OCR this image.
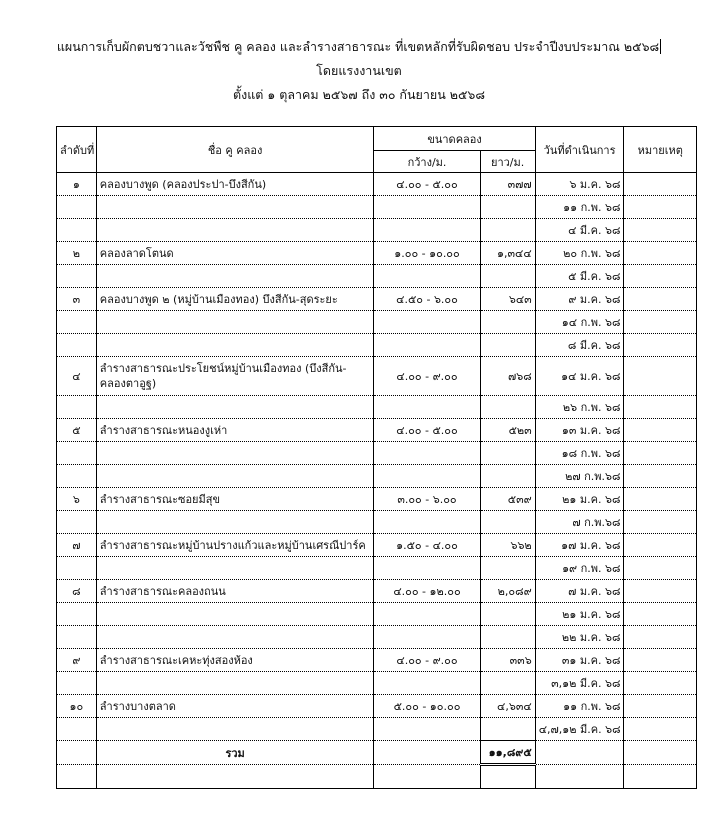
แผนการเก็บผักตบชวาและวัชพืช คู คลอง และลำรางสาธารณะ ที่เขตหลักที่รับผิดชอบ ประจำปีงบประมาณ ๒๕๖๘
โดยแรงงานเขต
ตั้งแต่ ๑ ตุลาคม ๒๕๖๗ ถึง ๓๐ กันยายน ๒๕๖๘
ลำดับที่	ชื่อ คู คลอง	ขนาดคลอง		วันที่ดำเนินการ	หมายเหตุ
		กว้าง/ม.	ยาว/ม.		
๑	คลองบางพูด (คลองประปา-บึงสีกัน)	๔.๐๐ - ๕.๐๐	๓๗๗	๖ ม.ค. ๖๘	
				๑๑ ก.พ. ๖๘	
				๔ มี.ค. ๖๘	
๒	คลองลาดโตนด	๑.๐๐ - ๑๐.๐๐	๑,๓๔๔	๒๐ ก.พ. ๖๘	
				๕ มี.ค. ๖๘	
๓	คลองบางพูด ๒ (หมู่บ้านเมืองทอง) บึงสีกัน-สุดระยะ	๔.๕๐ - ๖.๐๐	๖๔๓	๙ ม.ค. ๖๘	
				๑๔ ก.พ. ๖๘	
				๘ มี.ค. ๖๘	
๔	ลำรางสาธารณะประโยชน์หมู่บ้านเมืองทอง (บึงสีกัน-คลองตาอูฐ)	๔.๐๐ - ๙.๐๐	๗๖๘	๑๔ ม.ค. ๖๘	
				๒๖ ก.พ. ๖๘	
๕	ลำรางสาธารณะหนองงูเห่า	๔.๐๐ - ๕.๐๐	๕๒๓	๑๓ ม.ค. ๖๘	
				๑๘ ก.พ. ๖๘	
				๒๗ ก.พ.๖๘	
๖	ลำรางสาธารณะซอยมีสุข	๓.๐๐ - ๖.๐๐	๕๓๙	๒๑ ม.ค. ๖๘	
				๗ ก.พ.๖๘	
๗	ลำรางสาธารณะหมู่บ้านปรางแก้วและหมู่บ้านเศรณีปาร์ค	๑.๕๐ - ๔.๐๐	๖๖๒	๑๗ ม.ค. ๖๘	
				๑๙ ก.พ. ๖๘	
๘	ลำรางสาธารณะคลองถนน	๔.๐๐ - ๑๒.๐๐	๒,๐๘๙	๗ ม.ค. ๖๘	
				๒๑ ม.ค. ๖๘	
				๒๒ ม.ค. ๖๘	
๙	ลำรางสาธารณะเคหะทุ่งสองห้อง	๔.๐๐ - ๙.๐๐	๓๓๖	๓๑ ม.ค. ๖๘	
				๓,๑๒ มี.ค. ๖๘	
๑๐	ลำรางบางตลาด	๕.๐๐ - ๑๐.๐๐	๔,๖๓๔	๑๑ ก.พ. ๖๘	
				๔,๗,๑๒ มี.ค. ๖๘	
	รวม		๑๑,๘๙๕		
